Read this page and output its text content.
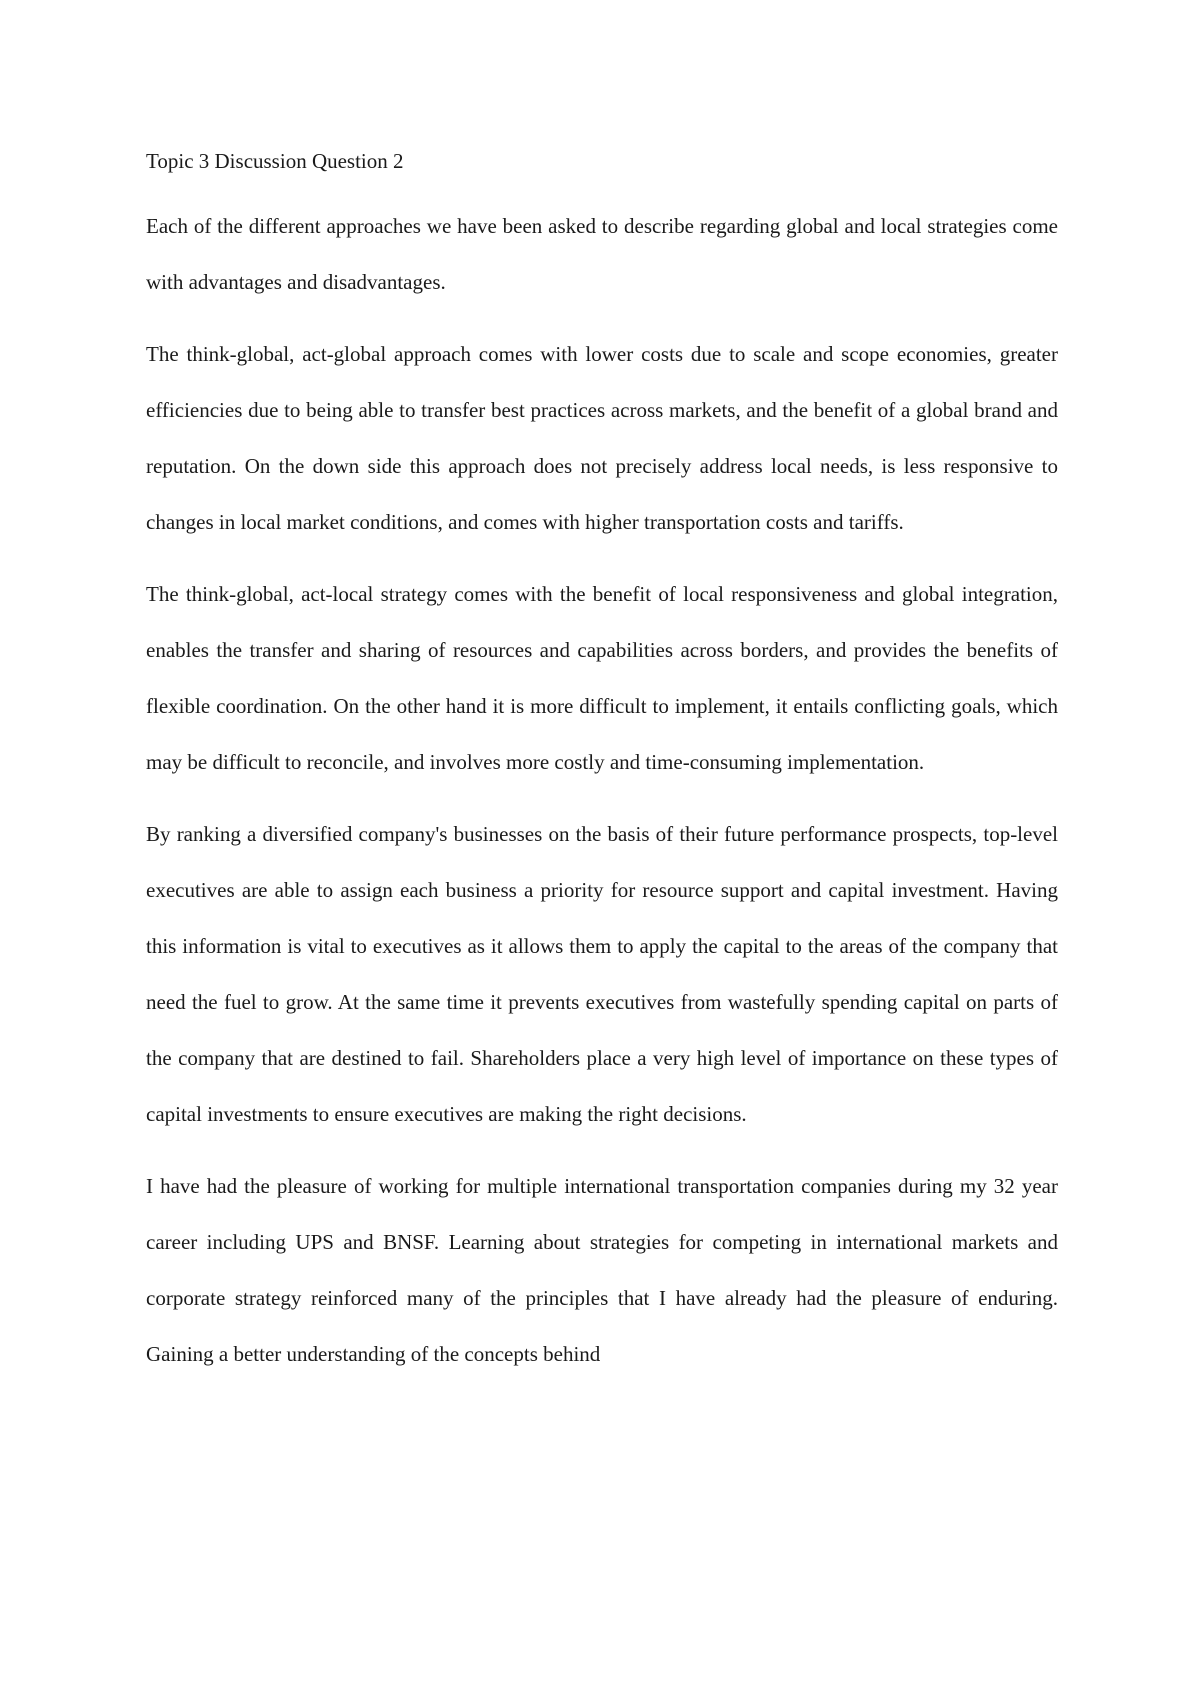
Topic 3 Discussion Question 2

Each of the different approaches we have been asked to describe regarding global and local strategies come with advantages and disadvantages.

The think-global, act-global approach comes with lower costs due to scale and scope economies, greater efficiencies due to being able to transfer best practices across markets, and the benefit of a global brand and reputation. On the down side this approach does not precisely address local needs, is less responsive to changes in local market conditions, and comes with higher transportation costs and tariffs.

The think-global, act-local strategy comes with the benefit of local responsiveness and global integration, enables the transfer and sharing of resources and capabilities across borders, and provides the benefits of flexible coordination. On the other hand it is more difficult to implement, it entails conflicting goals, which may be difficult to reconcile, and involves more costly and time-consuming implementation.

By ranking a diversified company's businesses on the basis of their future performance prospects, top-level executives are able to assign each business a priority for resource support and capital investment. Having this information is vital to executives as it allows them to apply the capital to the areas of the company that need the fuel to grow. At the same time it prevents executives from wastefully spending capital on parts of the company that are destined to fail. Shareholders place a very high level of importance on these types of capital investments to ensure executives are making the right decisions.

I have had the pleasure of working for multiple international transportation companies during my 32 year career including UPS and BNSF. Learning about strategies for competing in international markets and corporate strategy reinforced many of the principles that I have already had the pleasure of enduring. Gaining a better understanding of the concepts behind
